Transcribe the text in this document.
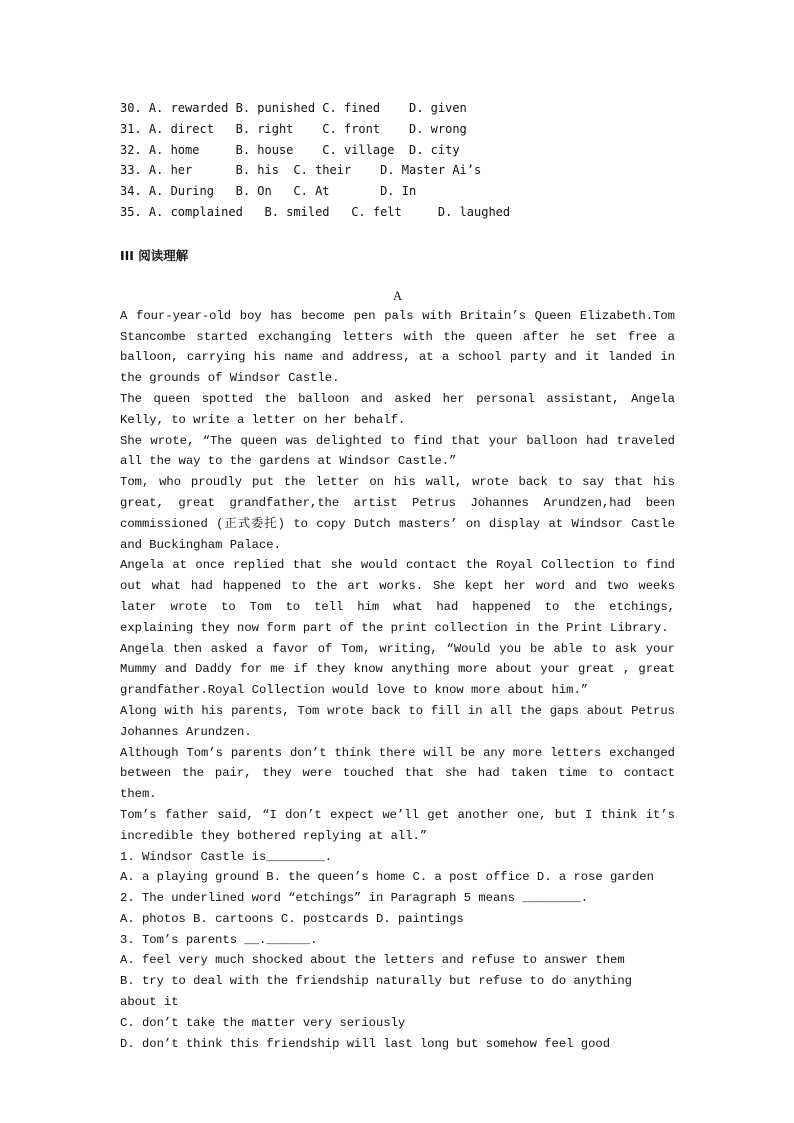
30. A. rewarded B. punished C. fined    D. given
31. A. direct   B. right    C. front    D. wrong
32. A. home     B. house    C. village  D. city
33. A. her      B. his  C. their    D. Master Ai’s
34. A. During   B. On   C. At       D. In
35. A. complained   B. smiled   C. felt     D. laughed
III 阅读理解
A
A four-year-old boy has become pen pals with Britain’s Queen Elizabeth.Tom Stancombe started exchanging letters with the queen after he set free a balloon, carrying his name and address, at a school party and it landed in the grounds of Windsor Castle.
The queen spotted the balloon and asked her personal assistant, Angela Kelly, to write a letter on her behalf.
She wrote, “The queen was delighted to find that your balloon had traveled all the way to the gardens at Windsor Castle.”
Tom, who proudly put the letter on his wall, wrote back to say that his great, great grandfather,the artist Petrus Johannes Arundzen,had been commissioned (正式委托) to copy Dutch masters’ on display at Windsor Castle and Buckingham Palace.
Angela at once replied that she would contact the Royal Collection to find out what had happened to the art works. She kept her word and two weeks later wrote to Tom to tell him what had happened to the etchings, explaining they now form part of the print collection in the Print Library.
Angela then asked a favor of Tom, writing, “Would you be able to ask your Mummy and Daddy for me if they know anything more about your great , great grandfather.Royal Collection would love to know more about him.”
Along with his parents, Tom wrote back to fill in all the gaps about Petrus Johannes Arundzen.
Although Tom’s parents don’t think there will be any more letters exchanged between the pair, they were touched that she had taken time to contact them.
Tom’s father said, “I don’t expect we’ll get another one, but I think it’s incredible they bothered replying at all.”
1. Windsor Castle is________.
A. a playing ground B. the queen’s home C. a post office D. a rose garden
2. The underlined word “etchings” in Paragraph 5 means ________.
A. photos B. cartoons C. postcards D. paintings
3. Tom’s parents __.______.
A. feel very much shocked about the letters and refuse to answer them
B. try to deal with the friendship naturally but refuse to do anything about it
C. don’t take the matter very seriously
D. don’t think this friendship will last long but somehow feel good
